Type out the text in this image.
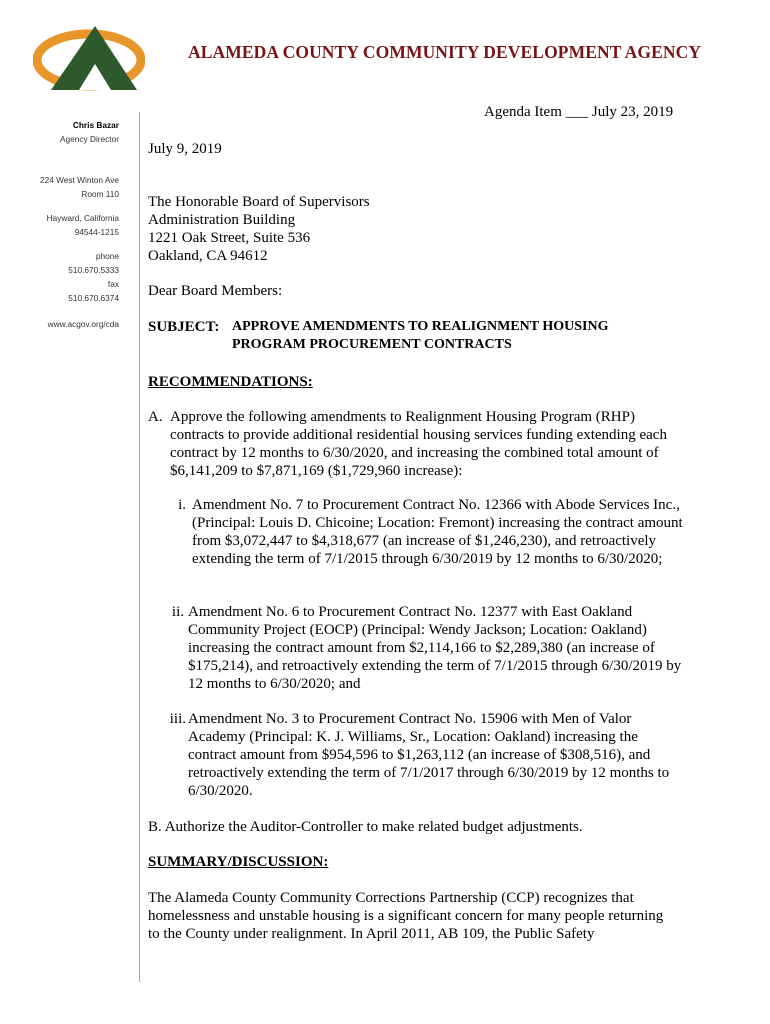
ALAMEDA COUNTY COMMUNITY DEVELOPMENT AGENCY
Agenda Item ___ July 23, 2019
Chris Bazar
Agency Director
224 West Winton Ave
Room 110
Hayward, California
94544-1215
phone
510.670.5333
fax
510.670.6374
www.acgov.org/cda
July 9, 2019
The Honorable Board of Supervisors
Administration Building
1221 Oak Street, Suite 536
Oakland, CA 94612
Dear Board Members:
SUBJECT: APPROVE AMENDMENTS TO REALIGNMENT HOUSING
PROGRAM PROCUREMENT CONTRACTS
RECOMMENDATIONS:
A. Approve the following amendments to Realignment Housing Program (RHP) contracts to provide additional residential housing services funding extending each contract by 12 months to 6/30/2020, and increasing the combined total amount of $6,141,209 to $7,871,169 ($1,729,960 increase):
i. Amendment No. 7 to Procurement Contract No. 12366 with Abode Services Inc., (Principal: Louis D. Chicoine; Location: Fremont) increasing the contract amount from $3,072,447 to $4,318,677 (an increase of $1,246,230), and retroactively extending the term of 7/1/2015 through 6/30/2019 by 12 months to 6/30/2020;
ii. Amendment No. 6 to Procurement Contract No. 12377 with East Oakland Community Project (EOCP) (Principal: Wendy Jackson; Location: Oakland) increasing the contract amount from $2,114,166 to $2,289,380 (an increase of $175,214), and retroactively extending the term of 7/1/2015 through 6/30/2019 by 12 months to 6/30/2020; and
iii. Amendment No. 3 to Procurement Contract No. 15906 with Men of Valor Academy (Principal: K. J. Williams, Sr., Location: Oakland) increasing the contract amount from $954,596 to $1,263,112 (an increase of $308,516), and retroactively extending the term of 7/1/2017 through 6/30/2019 by 12 months to 6/30/2020.
B. Authorize the Auditor-Controller to make related budget adjustments.
SUMMARY/DISCUSSION:
The Alameda County Community Corrections Partnership (CCP) recognizes that homelessness and unstable housing is a significant concern for many people returning to the County under realignment. In April 2011, AB 109, the Public Safety
